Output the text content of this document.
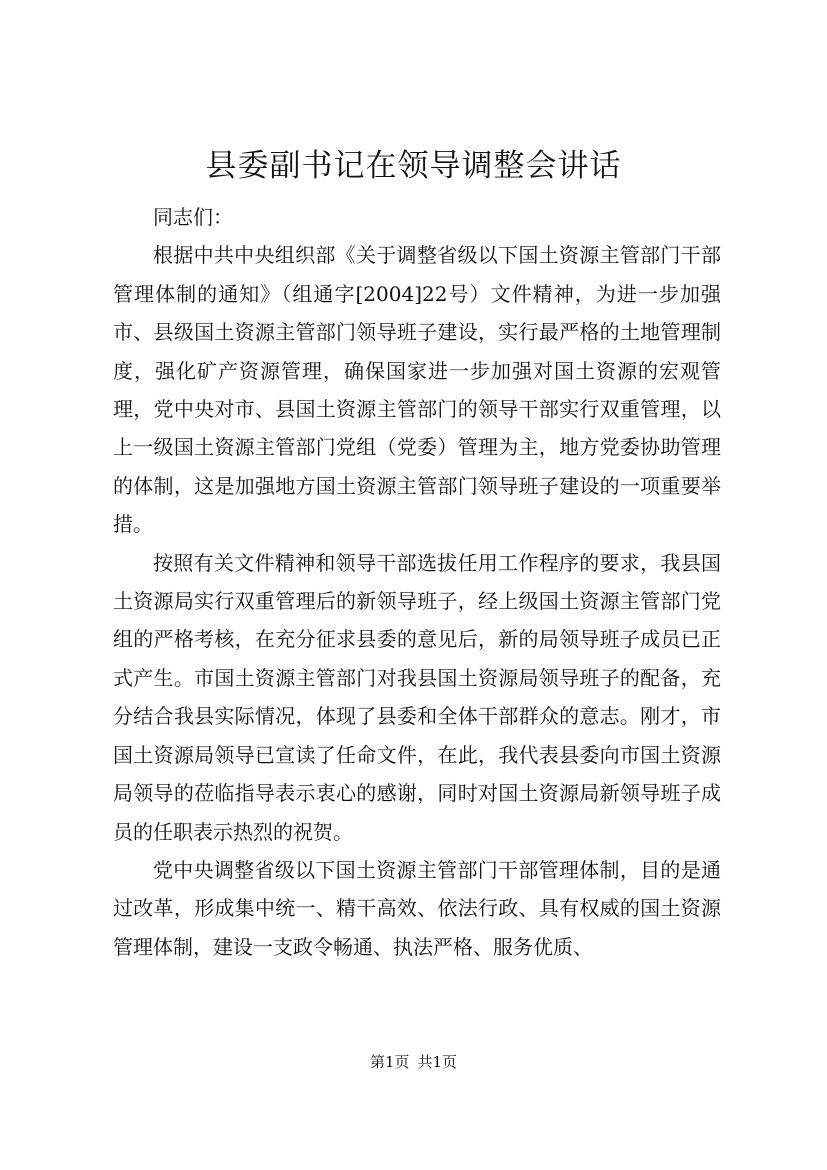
县委副书记在领导调整会讲话

同志们：

根据中共中央组织部《关于调整省级以下国土资源主管部门干部管理体制的通知》（组通字[2004]22号）文件精神，为进一步加强市、县级国土资源主管部门领导班子建设，实行最严格的土地管理制度，强化矿产资源管理，确保国家进一步加强对国土资源的宏观管理，党中央对市、县国土资源主管部门的领导干部实行双重管理，以上一级国土资源主管部门党组（党委）管理为主，地方党委协助管理的体制，这是加强地方国土资源主管部门领导班子建设的一项重要举措。

按照有关文件精神和领导干部选拔任用工作程序的要求，我县国土资源局实行双重管理后的新领导班子，经上级国土资源主管部门党组的严格考核，在充分征求县委的意见后，新的局领导班子成员已正式产生。市国土资源主管部门对我县国土资源局领导班子的配备，充分结合我县实际情况，体现了县委和全体干部群众的意志。刚才，市国土资源局领导已宣读了任命文件，在此，我代表县委向市国土资源局领导的莅临指导表示衷心的感谢，同时对国土资源局新领导班子成员的任职表示热烈的祝贺。

党中央调整省级以下国土资源主管部门干部管理体制，目的是通过改革，形成集中统一、精干高效、依法行政、具有权威的国土资源管理体制，建设一支政令畅通、执法严格、服务优质、

第1页 共1页
